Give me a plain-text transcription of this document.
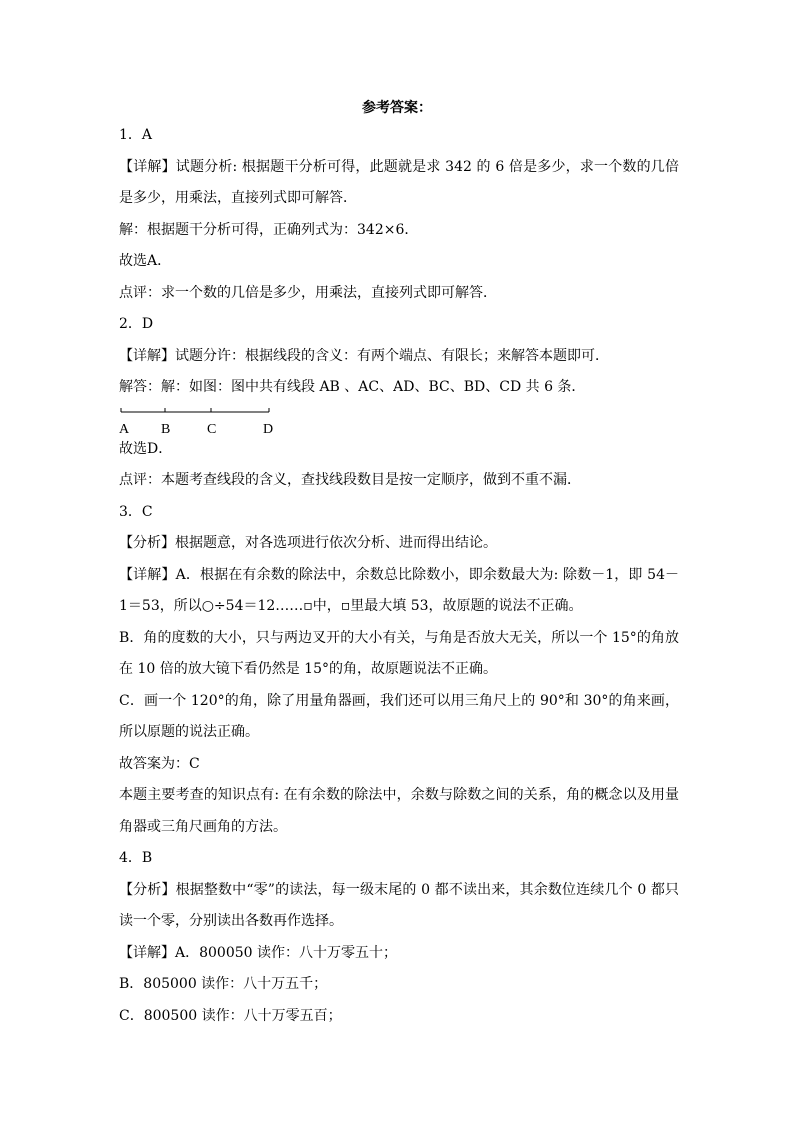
参考答案：
1．A
【详解】试题分析: 根据题干分析可得，此题就是求 342 的 6 倍是多少，求一个数的几倍是多少，用乘法，直接列式即可解答．
解：根据题干分析可得，正确列式为：342×6．
故选A．
点评：求一个数的几倍是多少，用乘法，直接列式即可解答．
2．D
【详解】试题分许：根据线段的含义：有两个端点、有限长；来解答本题即可．
解答：解：如图：图中共有线段 AB 、AC、AD、BC、BD、CD 共 6 条．
A B	C	D
故选D．
点评：本题考查线段的含义，查找线段数目是按一定顺序，做到不重不漏．
3．C
【分析】根据题意，对各选项进行依次分析、进而得出结论。
【详解】A．根据在有余数的除法中，余数总比除数小，即余数最大为: 除数－1，即 54－1＝53，所以○÷54＝12……▫中，▫里最大填 53，故原题的说法不正确。
B．角的度数的大小，只与两边叉开的大小有关，与角是否放大无关，所以一个 15°的角放在 10 倍的放大镜下看仍然是 15°的角，故原题说法不正确。
C．画一个 120°的角，除了用量角器画，我们还可以用三角尺上的 90°和 30°的角来画，所以原题的说法正确。
故答案为：C
本题主要考查的知识点有: 在有余数的除法中，余数与除数之间的关系，角的概念以及用量角器或三角尺画角的方法。
4．B
【分析】根据整数中“零”的读法，每一级末尾的 0 都不读出来，其余数位连续几个 0 都只读一个零，分别读出各数再作选择。
【详解】A．800050 读作：八十万零五十；
B．805000 读作：八十万五千；
C．800500 读作：八十万零五百；
